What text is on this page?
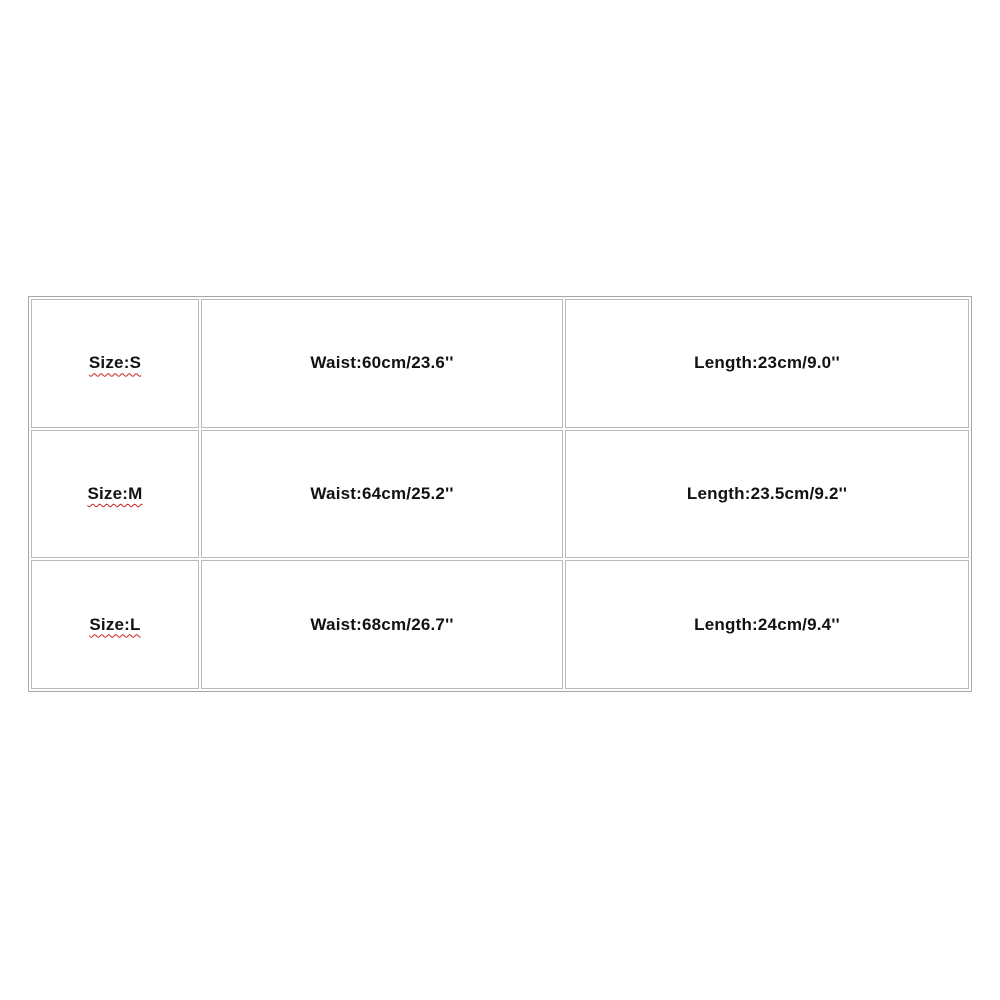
Size:S	Waist:60cm/23.6''	Length:23cm/9.0''
Size:M	Waist:64cm/25.2''	Length:23.5cm/9.2''
Size:L	Waist:68cm/26.7''	Length:24cm/9.4''
